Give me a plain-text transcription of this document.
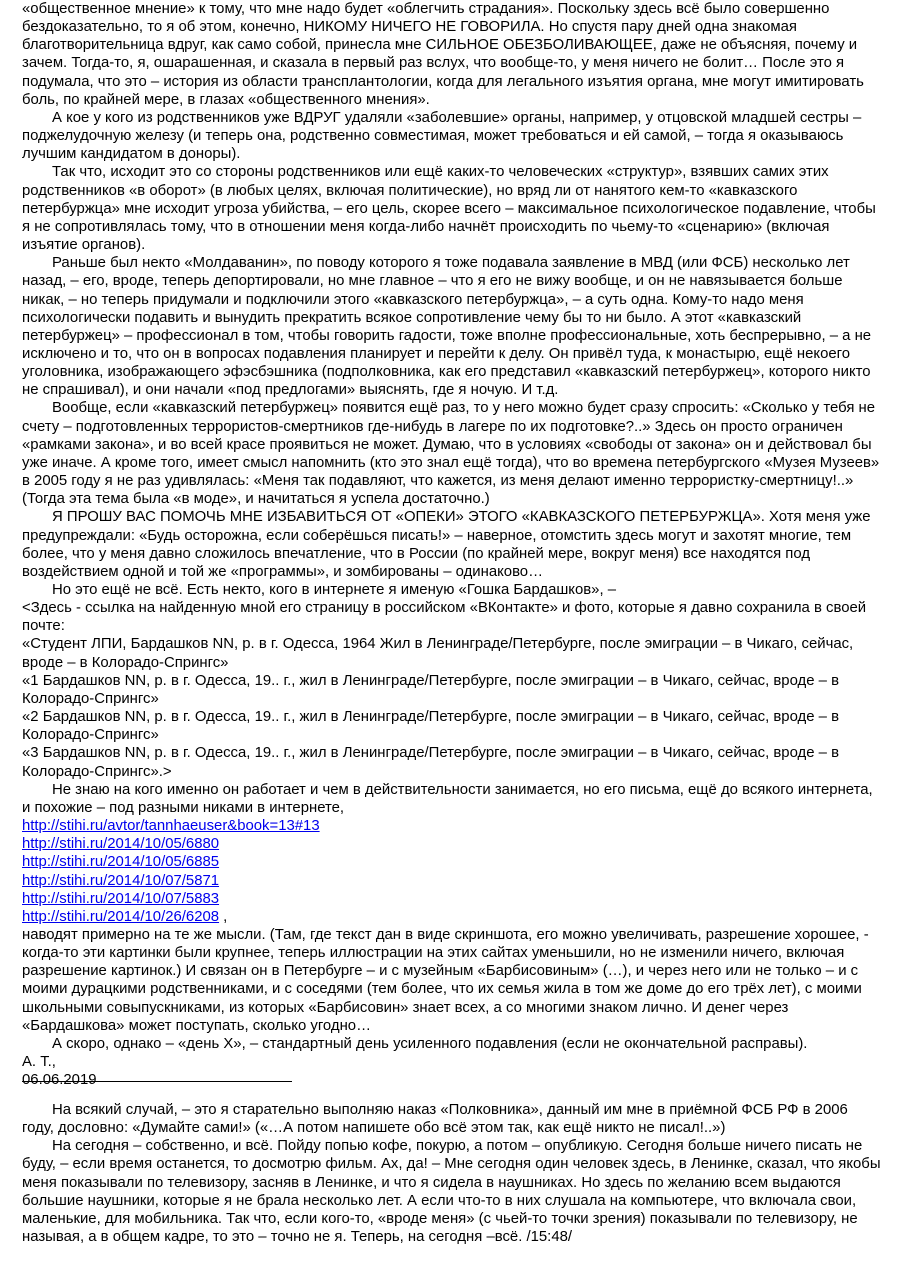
«общественное мнение» к тому, что мне надо будет «облегчить страдания». Поскольку здесь всё было совершенно бездоказательно, то я об этом, конечно, НИКОМУ НИЧЕГО НЕ ГОВОРИЛА. Но спустя пару дней одна знакомая благотворительница вдруг, как само собой, принесла мне СИЛЬНОЕ ОБЕЗБОЛИВАЮЩЕЕ, даже не объясняя, почему и зачем. Тогда-то, я, ошарашенная, и сказала в первый раз вслух, что вообще-то, у меня ничего не болит… После это я подумала, что это – история из области трансплантологии, когда для легального изъятия органа, мне могут имитировать боль, по крайней мере, в глазах «общественного мнения».

А кое у кого из родственников уже ВДРУГ удаляли «заболевшие» органы, например, у отцовской младшей сестры – поджелудочную железу (и теперь она, родственно совместимая, может требоваться и ей самой, – тогда я оказываюсь лучшим кандидатом в доноры).

Так что, исходит это со стороны родственников или ещё каких-то человеческих «структур», взявших самих этих родственников «в оборот» (в любых целях, включая политические), но вряд ли от нанятого кем-то «кавказского петербуржца» мне исходит угроза убийства, – его цель, скорее всего – максимальное психологическое подавление, чтобы я не сопротивлялась тому, что в отношении меня когда-либо начнёт происходить по чьему-то «сценарию» (включая изъятие органов).

Раньше был некто «Молдаванин», по поводу которого я тоже подавала заявление в МВД (или ФСБ) несколько лет назад, – его, вроде, теперь депортировали, но мне главное – что я его не вижу вообще, и он не навязывается больше никак, – но теперь придумали и подключили этого «кавказского петербуржца», – а суть одна. Кому-то надо меня психологически подавить и вынудить прекратить всякое сопротивление чему бы то ни было. А этот «кавказский петербуржец» – профессионал в том, чтобы говорить гадости, тоже вполне профессиональные, хоть беспрерывно, – а не исключено и то, что он в вопросах подавления планирует и перейти к делу. Он привёл туда, к монастырю, ещё некоего уголовника, изображающего эфэсбэшника (подполковника, как его представил «кавказский петербуржец», которого никто не спрашивал), и они начали «под предлогами» выяснять, где я ночую. И т.д.

Вообще, если «кавказский петербуржец» появится ещё раз, то у него можно будет сразу спросить: «Сколько у тебя не счету – подготовленных террористов-смертников где-нибудь в лагере по их подготовке?..» Здесь он просто ограничен «рамками закона», и во всей красе проявиться не может. Думаю, что в условиях «свободы от закона» он и действовал бы уже иначе. А кроме того, имеет смысл напомнить (кто это знал ещё тогда), что во времена петербургского «Музея Музеев» в 2005 году я не раз удивлялась: «Меня так подавляют, что кажется, из меня делают именно террористку-смертницу!..» (Тогда эта тема была «в моде», и начитаться я успела достаточно.)

Я ПРОШУ ВАС ПОМОЧЬ МНЕ ИЗБАВИТЬСЯ ОТ «ОПЕКИ» ЭТОГО «КАВКАЗСКОГО ПЕТЕРБУРЖЦА». Хотя меня уже предупреждали: «Будь осторожна, если соберёшься писать!» – наверное, отомстить здесь могут и захотят многие, тем более, что у меня давно сложилось впечатление, что в России (по крайней мере, вокруг меня) все находятся под воздействием одной и той же «программы», и зомбированы – одинаково…

Но это ещё не всё. Есть некто, кого в интернете я именую «Гошка Бардашков», –

<Здесь - ссылка на найденную мной его страницу в российском «ВКонтакте» и фото, которые я давно сохранила в своей почте:

«Студент ЛПИ, Бардашков NN, р. в г. Одесса, 1964 Жил в Ленинграде/Петербурге, после эмиграции – в Чикаго, сейчас, вроде – в Колорадо-Спрингс»

«1 Бардашков NN, р. в г. Одесса, 19.. г., жил в Ленинграде/Петербурге, после эмиграции – в Чикаго, сейчас, вроде – в Колорадо-Спрингс»

«2 Бардашков NN, р. в г. Одесса, 19.. г., жил в Ленинграде/Петербурге, после эмиграции – в Чикаго, сейчас, вроде – в Колорадо-Спрингс»

«3 Бардашков NN, р. в г. Одесса, 19.. г., жил в Ленинграде/Петербурге, после эмиграции – в Чикаго, сейчас, вроде – в Колорадо-Спрингс».>

Не знаю на кого именно он работает и чем в действительности занимается, но его письма, ещё до всякого интернета, и похожие – под разными никами в интернете,

http://stihi.ru/avtor/tannhaeuser&book=13#13

http://stihi.ru/2014/10/05/6880

http://stihi.ru/2014/10/05/6885

http://stihi.ru/2014/10/07/5871

http://stihi.ru/2014/10/07/5883

http://stihi.ru/2014/10/26/6208 ,

наводят примерно на те же мысли. (Там, где текст дан в виде скриншота, его можно увеличивать, разрешение хорошее, - когда-то эти картинки были крупнее, теперь иллюстрации на этих сайтах уменьшили, но не изменили ничего, включая разрешение картинок.) И связан он в Петербурге – и с музейным «Барбисовиным» (…), и через него или не только – и с моими дурацкими родственниками, и с соседями (тем более, что их семья жила в том же доме до его трёх лет), с моими школьными совыпускниками, из которых «Барбисовин» знает всех, а со многими знаком лично. И денег через «Бардашкова» может поступать, сколько угодно…

А скоро, однако – «день Х», – стандартный день усиленного подавления (если не окончательной расправы).

А. Т.,

06.06.2019

На всякий случай, – это я старательно выполняю наказ «Полковника», данный им мне в приёмной ФСБ РФ в 2006 году, дословно: «Думайте сами!» («…А потом напишете обо всё этом так, как ещё никто не писал!..»)

На сегодня – собственно, и всё. Пойду попью кофе, покурю, а потом – опубликую. Сегодня больше ничего писать не буду, – если время останется, то досмотрю фильм. Ах, да! – Мне сегодня один человек здесь, в Ленинке, сказал, что якобы меня показывали по телевизору, засняв в Ленинке, и что я сидела в наушниках. Но здесь по желанию всем выдаются большие наушники, которые я не брала несколько лет. А если что-то в них слушала на компьютере, что включала свои, маленькие, для мобильника. Так что, если кого-то, «вроде меня» (с чьей-то точки зрения) показывали по телевизору, не называя, а в общем кадре, то это – точно не я. Теперь, на сегодня –всё. /15:48/
